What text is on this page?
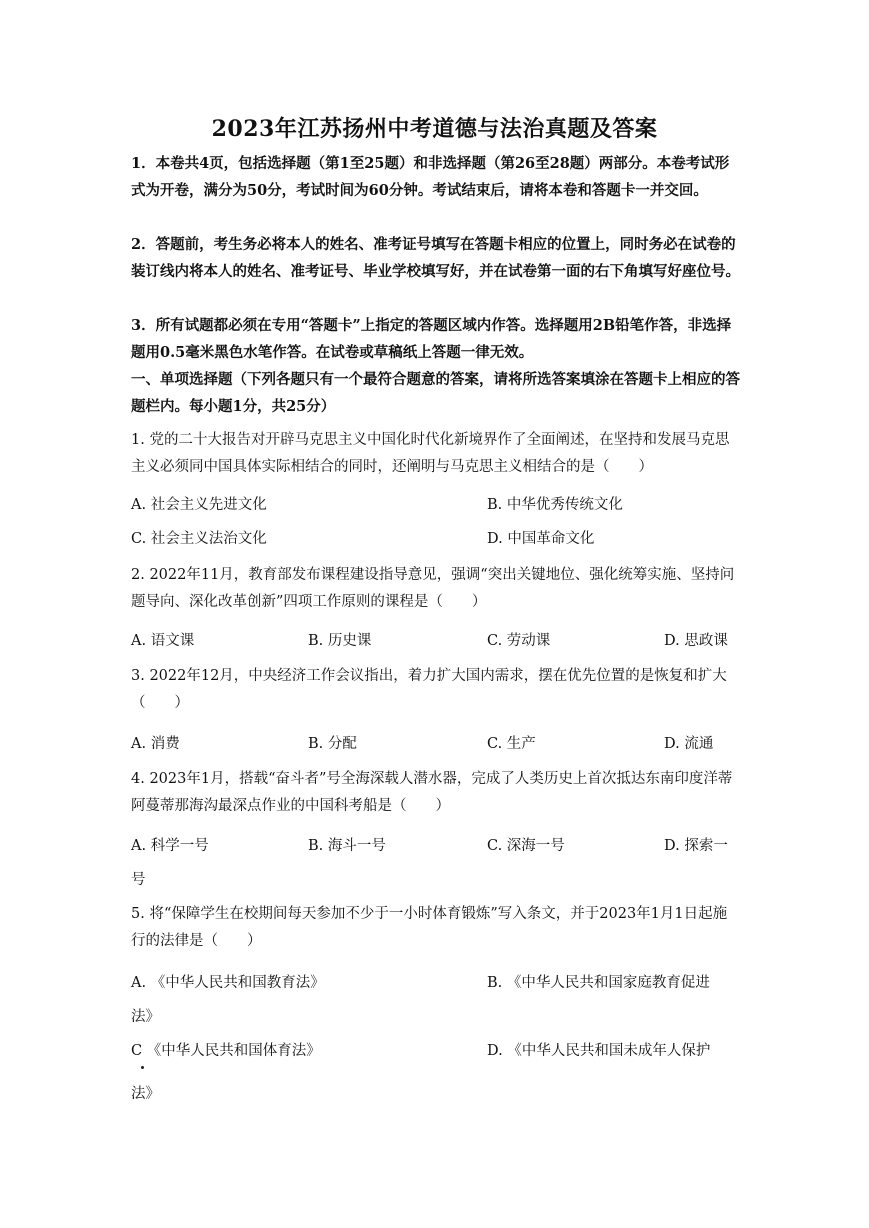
2023年江苏扬州中考道德与法治真题及答案

1．本卷共4页，包括选择题（第1至25题）和非选择题（第26至28题）两部分。本卷考试形式为开卷，满分为50分，考试时间为60分钟。考试结束后，请将本卷和答题卡一并交回。

2．答题前，考生务必将本人的姓名、准考证号填写在答题卡相应的位置上，同时务必在试卷的装订线内将本人的姓名、准考证号、毕业学校填写好，并在试卷第一面的右下角填写好座位号。

3．所有试题都必须在专用“答题卡”上指定的答题区域内作答。选择题用2B铅笔作答，非选择题用0.5毫米黑色水笔作答。在试卷或草稿纸上答题一律无效。

一、单项选择题（下列各题只有一个最符合题意的答案，请将所选答案填涂在答题卡上相应的答题栏内。每小题1分，共25分）

1. 党的二十大报告对开辟马克思主义中国化时代化新境界作了全面阐述，在坚持和发展马克思主义必须同中国具体实际相结合的同时，还阐明与马克思主义相结合的是（　　）

A. 社会主义先进文化	B. 中华优秀传统文化

C. 社会主义法治文化	D. 中国革命文化

2. 2022年11月，教育部发布课程建设指导意见，强调“突出关键地位、强化统筹实施、坚持问题导向、深化改革创新”四项工作原则的课程是（　　）

A. 语文课	B. 历史课	C. 劳动课	D. 思政课

3. 2022年12月，中央经济工作会议指出，着力扩大国内需求，摆在优先位置的是恢复和扩大（　　）

A. 消费	B. 分配	C. 生产	D. 流通

4. 2023年1月，搭载“奋斗者”号全海深载人潜水器，完成了人类历史上首次抵达东南印度洋蒂阿蔓蒂那海沟最深点作业的中国科考船是（　　）

A. 科学一号	B. 海斗一号	C. 深海一号	D. 探索一

号

5. 将“保障学生在校期间每天参加不少于一小时体育锻炼”写入条文，并于2023年1月1日起施行的法律是（　　）

A. 《中华人民共和国教育法》	B. 《中华人民共和国家庭教育促进

法》

C 《中华人民共和国体育法》	D. 《中华人民共和国未成年人保护

法》
